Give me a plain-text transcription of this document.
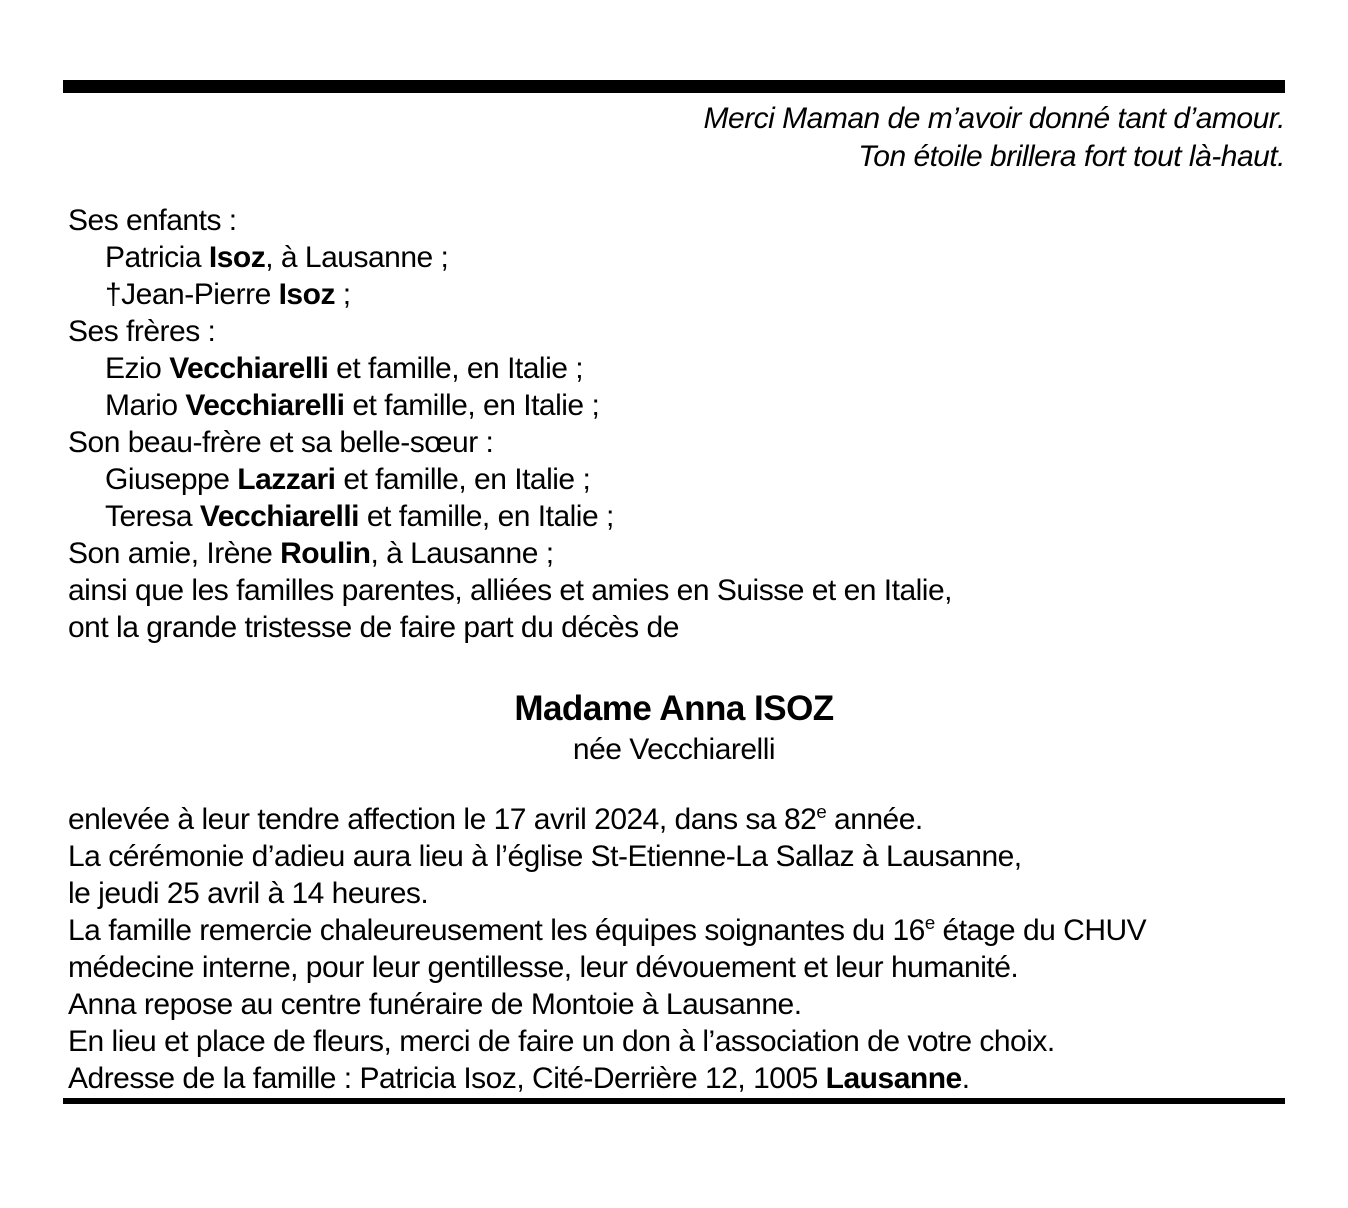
Merci Maman de m’avoir donné tant d’amour.
Ton étoile brillera fort tout là-haut.
Ses enfants :
Patricia Isoz, à Lausanne ;
†Jean-Pierre Isoz ;
Ses frères :
Ezio Vecchiarelli et famille, en Italie ;
Mario Vecchiarelli et famille, en Italie ;
Son beau-frère et sa belle-sœur :
Giuseppe Lazzari et famille, en Italie ;
Teresa Vecchiarelli et famille, en Italie ;
Son amie, Irène Roulin, à Lausanne ;
ainsi que les familles parentes, alliées et amies en Suisse et en Italie,
ont la grande tristesse de faire part du décès de
Madame Anna ISOZ
née Vecchiarelli
enlevée à leur tendre affection le 17 avril 2024, dans sa 82e année.
La cérémonie d’adieu aura lieu à l’église St-Etienne-La Sallaz à Lausanne,
le jeudi 25 avril à 14 heures.
La famille remercie chaleureusement les équipes soignantes du 16e étage du CHUV
médecine interne, pour leur gentillesse, leur dévouement et leur humanité.
Anna repose au centre funéraire de Montoie à Lausanne.
En lieu et place de fleurs, merci de faire un don à l’association de votre choix.
Adresse de la famille : Patricia Isoz, Cité-Derrière 12, 1005 Lausanne.
